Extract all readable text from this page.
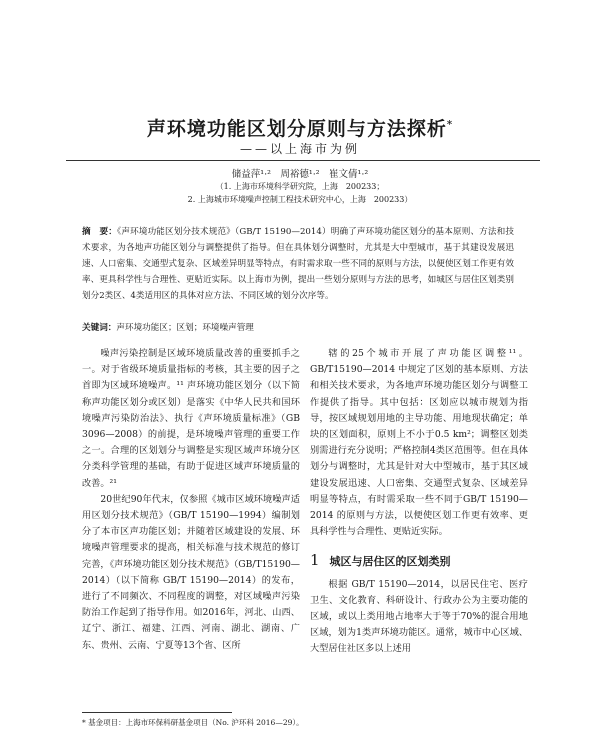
声环境功能区划分原则与方法探析*
——以上海市为例
储益萍¹·²　周裕德¹·²　崔文倩¹·²
（1. 上海市环境科学研究院，上海　200233；
2. 上海城市环境噪声控制工程技术研究中心，上海　200233）

摘　要：《声环境功能区划分技术规范》（GB/T 15190—2014）明确了声环境功能区划分的基本原则、方法和技术要求，为各地声功能区划分与调整提供了指导。但在具体划分调整时，尤其是大中型城市，基于其建设发展迅速、人口密集、交通型式复杂、区域差异明显等特点，有时需求取一些不同的原则与方法，以便使区划工作更有效率、更具科学性与合理性、更贴近实际。以上海市为例，提出一些划分原则与方法的思考，如城区与居住区划类别划分2类区、4类适用区的具体对应方法、不同区域的划分次序等。

关键词：声环境功能区；区划；环境噪声管理

噪声污染控制是区域环境质量改善的重要抓手之一。对于省级环境质量指标的考核，其主要的因子之首即为区域环境噪声。¹¹ 声环境功能区划分（以下简称声功能区划分或区划）是落实《中华人民共和国环境噪声污染防治法》、执行《声环境质量标准》（GB 3096—2008）的前提，是环境噪声管理的重要工作之一。合理的区划划分与调整是实现区域声环境分区分类科学管理的基础，有助于促进区域声环境质量的改善。²¹

20世纪90年代末，仅参照《城市区域环境噪声适用区划分技术规范》（GB/T 15190—1994）编制划分了本市区声功能区划；并随着区域建设的发展、环境噪声管理要求的提高，相关标准与技术规范的修订完善，《声环境功能区划分技术规范》（GB/T15190—2014）（以下简称 GB/T 15190—2014）的发布，进行了不同频次、不同程度的调整，对区域噪声污染防治工作起到了指导作用。如2016年，河北、山西、辽宁、浙江、福建、江西、河南、湖北、湖南、广东、贵州、云南、宁夏等13个省、区所

辖的25个城市开展了声功能区调整¹¹。GB/T15190—2014 中规定了区划的基本原则、方法和相关技术要求，为各地声环境功能区划分与调整工作提供了指导。其中包括：区划应以城市规划为指导，按区域规划用地的主导功能、用地现状确定；单块的区划面积，原则上不小于0.5 km²；调整区划类别需进行充分说明；严格控制4类区范围等。但在具体划分与调整时，尤其是针对大中型城市，基于其区域建设发展迅速、人口密集、交通型式复杂、区域差异明显等特点，有时需采取一些不同于GB/T 15190—2014 的原则与方法，以便使区划工作更有效率、更具科学性与合理性、更贴近实际。

1 城区与居住区的区划类别

根据 GB/T 15190—2014，以居民住宅、医疗卫生、文化教育、科研设计、行政办公为主要功能的区域，或以上类用地占地率大于等于70%的混合用地区域，划为1类声环境功能区。通常，城市中心区域、大型居住社区多以上述用

* 基金项目：上海市环保科研基金项目（No. 沪环科 2016—29）。
